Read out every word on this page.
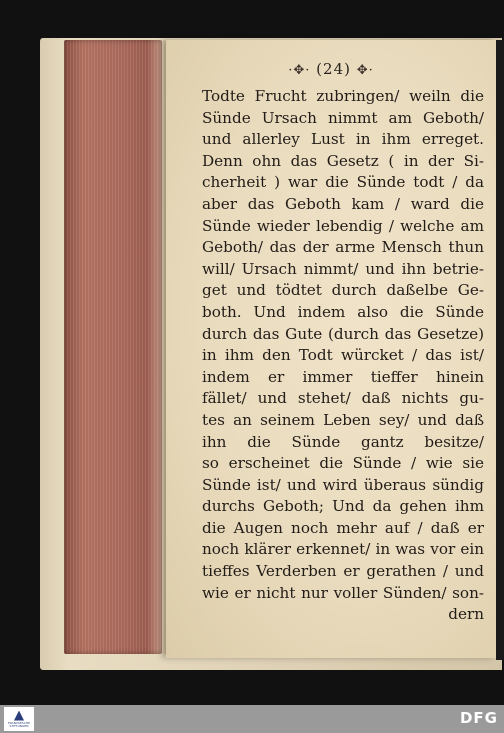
·✥· (24) ✥·
Todte Frucht zubringen/ weiln die
Sünde Ursach nimmt am Geboth/
und allerley Lust in ihm erreget.
Denn ohn das Gesetz ( in der Si-
cherheit ) war die Sünde todt / da
aber das Geboth kam / ward die
Sünde wieder lebendig / welche am
Geboth/ das der arme Mensch thun
will/ Ursach nimmt/ und ihn betrie-
get und tödtet durch daßelbe Ge-
both. Und indem also die Sünde
durch das Gute (durch das Gesetze)
in ihm den Todt würcket / das ist/
indem er immer tieffer hinein
fället/ und stehet/ daß nichts gu-
tes an seinem Leben sey/ und daß
ihn die Sünde gantz besitze/
so erscheinet die Sünde / wie sie
Sünde ist/ und wird überaus sündig
durchs Geboth; Und da gehen ihm
die Augen noch mehr auf / daß er
noch klärer erkennet/ in was vor ein
tieffes Verderben er gerathen / und
wie er nicht nur voller Sünden/ son-
dern
FRANCKESCHE STIFTUNGEN	DFG
